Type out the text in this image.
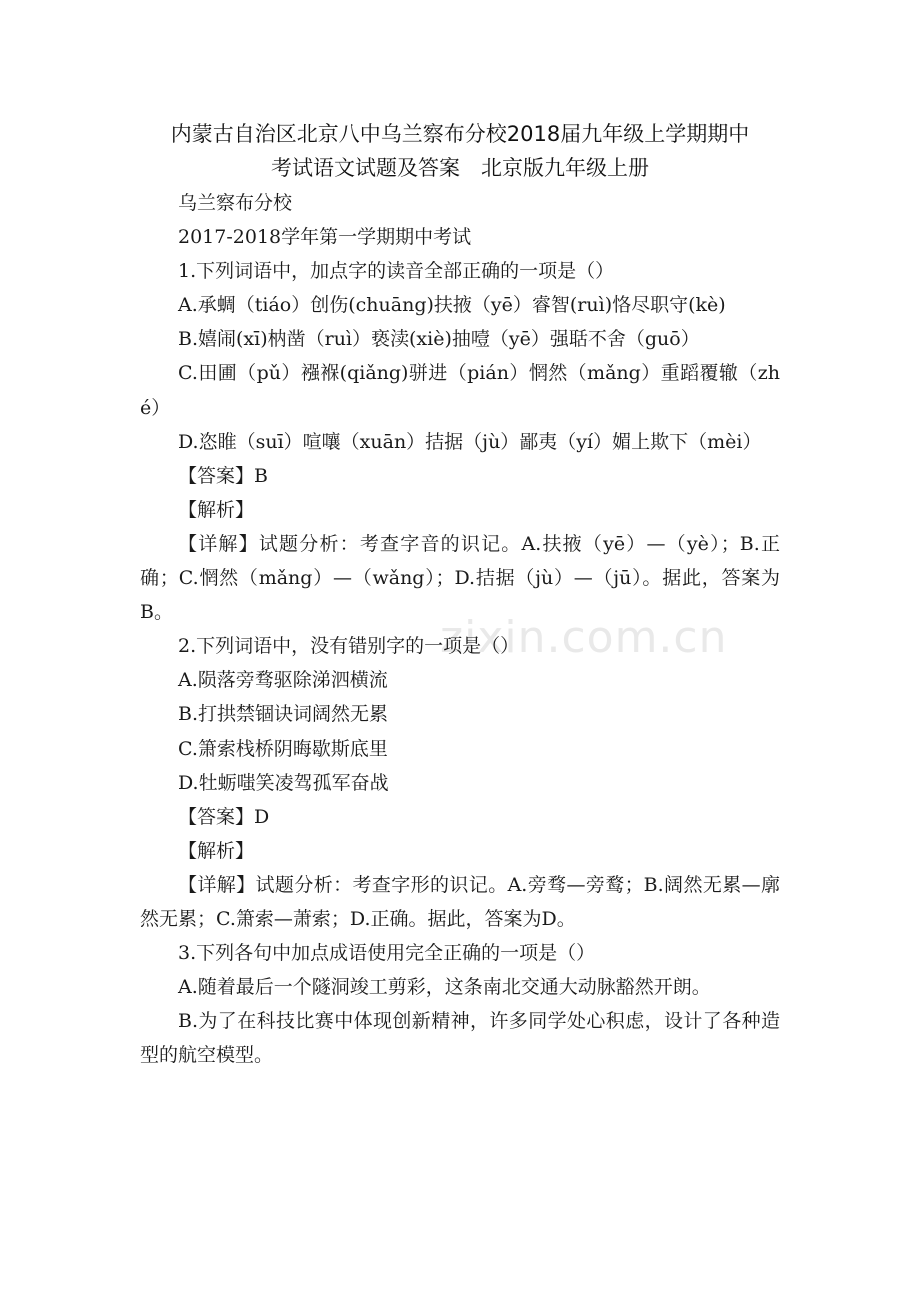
zixin.com.cn
内蒙古自治区北京八中乌兰察布分校2018届九年级上学期期中
考试语文试题及答案　北京版九年级上册

乌兰察布分校

2017-2018学年第一学期期中考试

1.下列词语中，加点字的读音全部正确的一项是（）

A.承蜩（tiáo）创伤(chuāng)扶掖（yē）睿智(ruì)恪尽职守(kè)

B.嬉闹(xī)枘凿（ruì）亵渎(xiè)抽噎（yē）强聒不舍（guō）

C.田圃（pǔ）襁褓(qiǎng)骈进（pián）惘然（mǎng）重蹈覆辙（zhé）

D.恣睢（suī）喧嚷（xuān）拮据（jù）鄙夷（yí）媚上欺下（mèi）

【答案】B

【解析】

【详解】试题分析：考查字音的识记。A.扶掖（yē）—（yè）；B.正确；C.惘然（mǎng）—（wǎng）；D.拮据（jù）—（jū）。据此，答案为B。

2.下列词语中，没有错别字的一项是（）

A.陨落旁骛驱除涕泗横流

B.打拱禁锢诀词阔然无累

C.箫索栈桥阴晦歇斯底里

D.牡蛎嗤笑凌驾孤军奋战

【答案】D

【解析】

【详解】试题分析：考查字形的识记。A.旁骛—旁鹜；B.阔然无累—廓然无累；C.箫索—萧索；D.正确。据此，答案为D。

3.下列各句中加点成语使用完全正确的一项是（）

A.随着最后一个隧洞竣工剪彩，这条南北交通大动脉豁然开朗。

B.为了在科技比赛中体现创新精神，许多同学处心积虑，设计了各种造型的航空模型。
